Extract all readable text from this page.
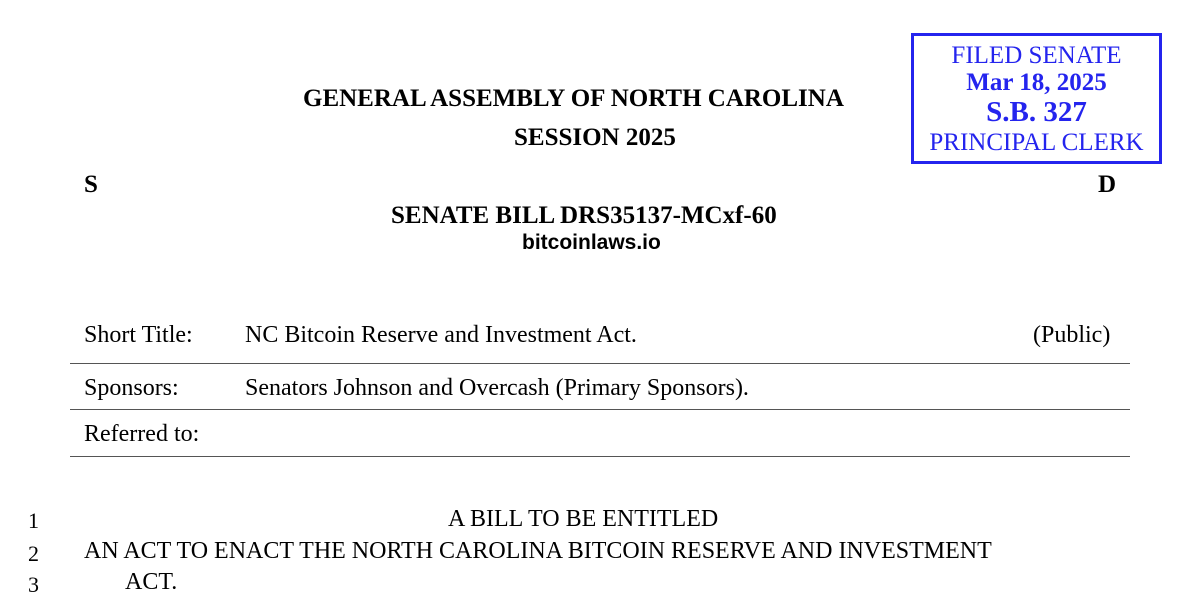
GENERAL ASSEMBLY OF NORTH CAROLINA
SESSION 2025
S	D
SENATE BILL DRS35137-MCxf-60
bitcoinlaws.io
FILED SENATE
Mar 18, 2025
S.B. 327
PRINCIPAL CLERK
Short Title: NC Bitcoin Reserve and Investment Act.	(Public)
Sponsors:	Senators Johnson and Overcash (Primary Sponsors).
Referred to:
1	A BILL TO BE ENTITLED
2 AN ACT TO ENACT THE NORTH CAROLINA BITCOIN RESERVE AND INVESTMENT
3	ACT.
